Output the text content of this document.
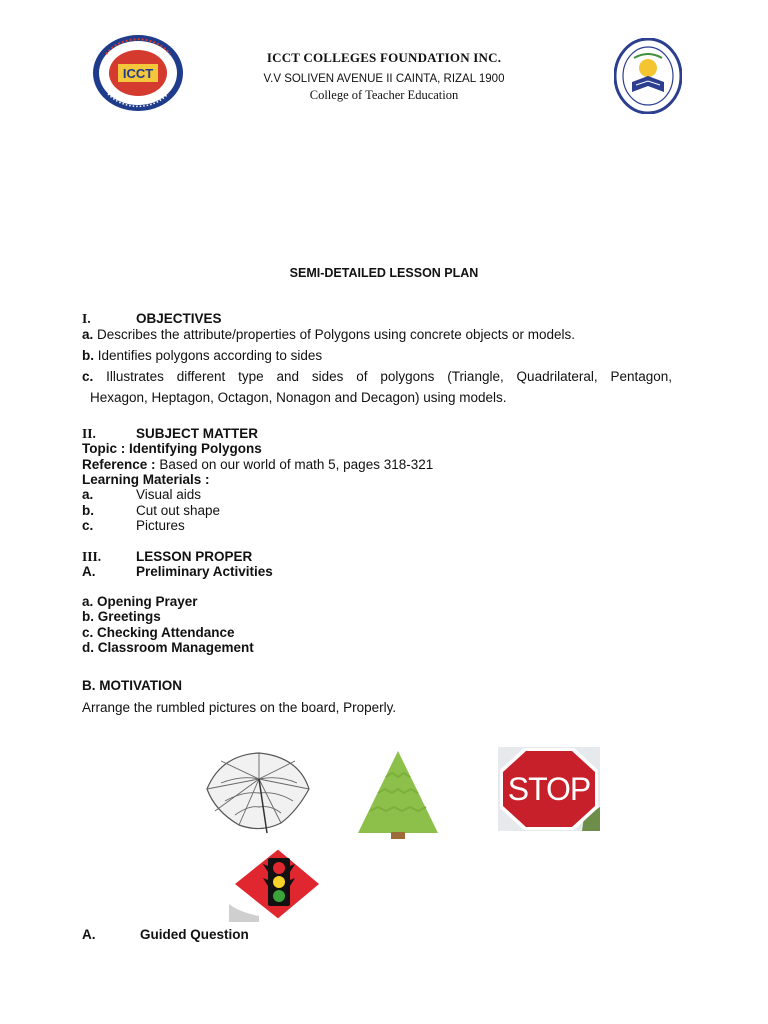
ICCT
ICCT COLLEGES FOUNDATION INC.
V.V SOLIVEN AVENUE II CAINTA, RIZAL 1900
College of Teacher Education
SEMI-DETAILED LESSON PLAN
I.	OBJECTIVES
a. Describes the attribute/properties of Polygons using concrete objects or models.
b. Identifies polygons according to sides
c. Illustrates different type and sides of polygons (Triangle, Quadrilateral, Pentagon,
Hexagon, Heptagon, Octagon, Nonagon and Decagon) using models.
II.	SUBJECT MATTER
Topic : Identifying Polygons
Reference : Based on our world of math 5, pages 318-321
Learning Materials :
a.	Visual aids
b.	Cut out shape
c.	Pictures
III.	LESSON PROPER
A.	Preliminary Activities
a. Opening Prayer
b. Greetings
c. Checking Attendance
d. Classroom Management
B. MOTIVATION
Arrange the rumbled pictures on the board, Properly.
STOP
A.	Guided Question
